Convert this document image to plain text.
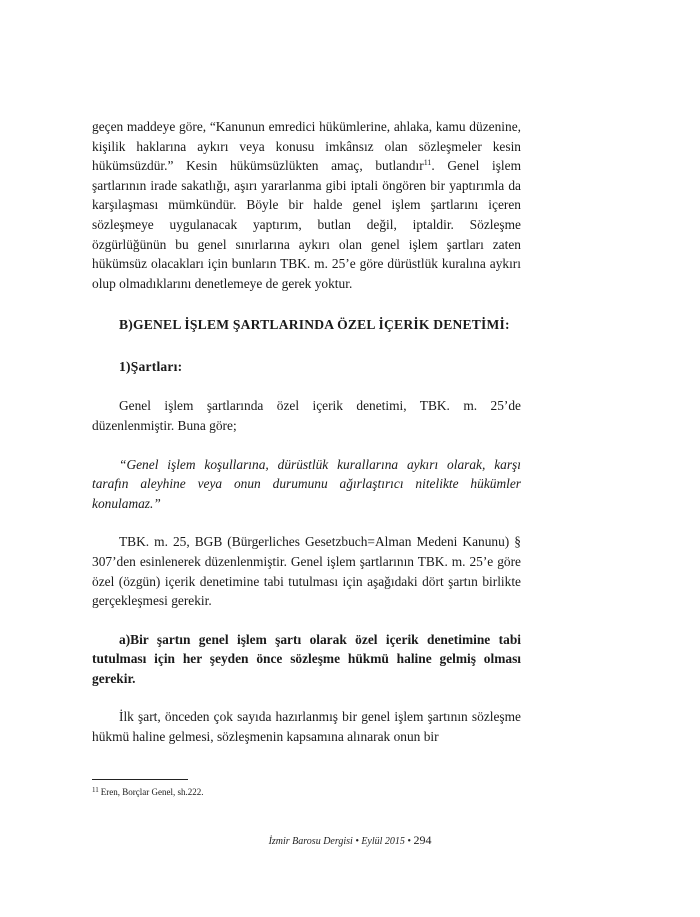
geçen maddeye göre, “Kanunun emredici hükümlerine, ahlaka, kamu düzenine, kişilik haklarına aykırı veya konusu imkânsız olan sözleşmeler kesin hükümsüzdür.” Kesin hükümsüzlükten amaç, butlandır$^{11}$. Genel işlem şartlarının irade sakatlığı, aşırı yararlanma gibi iptali öngören bir yaptırımla da karşılaşması mümkündür. Böyle bir halde genel işlem şartlarını içeren sözleşmeye uygulanacak yaptırım, butlan değil, iptaldir. Sözleşme özgürlüğünün bu genel sınırlarına aykırı olan genel işlem şartları zaten hükümsüz olacakları için bunların TBK. m. 25’e göre dürüstlük kuralına aykırı olup olmadıklarını denetlemeye de gerek yoktur.

B)GENEL İŞLEM ŞARTLARINDA ÖZEL İÇERİK DENETİMİ:

1)Şartları:

Genel işlem şartlarında özel içerik denetimi, TBK. m. 25’de düzenlenmiştir. Buna göre;

“Genel işlem koşullarına, dürüstlük kurallarına aykırı olarak, karşı tarafın aleyhine veya onun durumunu ağırlaştırıcı nitelikte hükümler konulamaz.”

TBK. m. 25, BGB (Bürgerliches Gesetzbuch=Alman Medeni Kanunu) § 307’den esinlenerek düzenlenmiştir. Genel işlem şartlarının TBK. m. 25’e göre özel (özgün) içerik denetimine tabi tutulması için aşağıdaki dört şartın birlikte gerçekleşmesi gerekir.

a)Bir şartın genel işlem şartı olarak özel içerik denetimine tabi tutulması için her şeyden önce sözleşme hükmü haline gelmiş olması gerekir.

İlk şart, önceden çok sayıda hazırlanmış bir genel işlem şartının sözleşme hükmü haline gelmesi, sözleşmenin kapsamına alınarak onun bir

$^{11}$ Eren, Borçlar Genel, sh.222.
İzmir Barosu Dergisi • Eylül 2015 • 294
